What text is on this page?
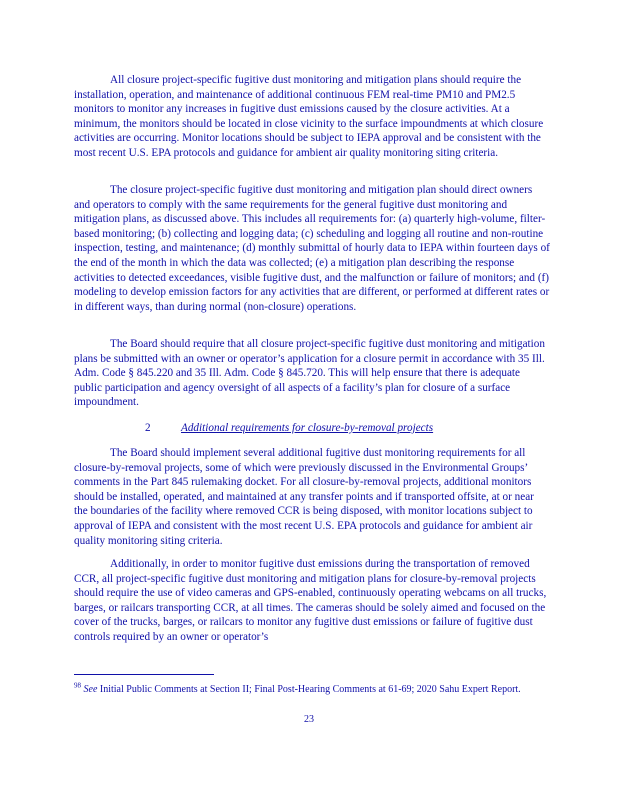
All closure project-specific fugitive dust monitoring and mitigation plans should require the installation, operation, and maintenance of additional continuous FEM real-time PM10 and PM2.5 monitors to monitor any increases in fugitive dust emissions caused by the closure activities. At a minimum, the monitors should be located in close vicinity to the surface impoundments at which closure activities are occurring. Monitor locations should be subject to IEPA approval and be consistent with the most recent U.S. EPA protocols and guidance for ambient air quality monitoring siting criteria.

The closure project-specific fugitive dust monitoring and mitigation plan should direct owners and operators to comply with the same requirements for the general fugitive dust monitoring and mitigation plans, as discussed above. This includes all requirements for: (a) quarterly high-volume, filter-based monitoring; (b) collecting and logging data; (c) scheduling and logging all routine and non-routine inspection, testing, and maintenance; (d) monthly submittal of hourly data to IEPA within fourteen days of the end of the month in which the data was collected; (e) a mitigation plan describing the response activities to detected exceedances, visible fugitive dust, and the malfunction or failure of monitors; and (f) modeling to develop emission factors for any activities that are different, or performed at different rates or in different ways, than during normal (non-closure) operations.

The Board should require that all closure project-specific fugitive dust monitoring and mitigation plans be submitted with an owner or operator’s application for a closure permit in accordance with 35 Ill. Adm. Code § 845.220 and 35 Ill. Adm. Code § 845.720. This will help ensure that there is adequate public participation and agency oversight of all aspects of a facility’s plan for closure of a surface impoundment.

2	Additional requirements for closure-by-removal projects

The Board should implement several additional fugitive dust monitoring requirements for all closure-by-removal projects, some of which were previously discussed in the Environmental Groups’ comments in the Part 845 rulemaking docket. For all closure-by-removal projects, additional monitors should be installed, operated, and maintained at any transfer points and if transported offsite, at or near the boundaries of the facility where removed CCR is being disposed, with monitor locations subject to approval of IEPA and consistent with the most recent U.S. EPA protocols and guidance for ambient air quality monitoring siting criteria.

Additionally, in order to monitor fugitive dust emissions during the transportation of removed CCR, all project-specific fugitive dust monitoring and mitigation plans for closure-by-removal projects should require the use of video cameras and GPS-enabled, continuously operating webcams on all trucks, barges, or railcars transporting CCR, at all times. The cameras should be solely aimed and focused on the cover of the trucks, barges, or railcars to monitor any fugitive dust emissions or failure of fugitive dust controls required by an owner or operator’s

$^{98}$ See Initial Public Comments at Section II; Final Post-Hearing Comments at 61-69; 2020 Sahu Expert Report.

23
